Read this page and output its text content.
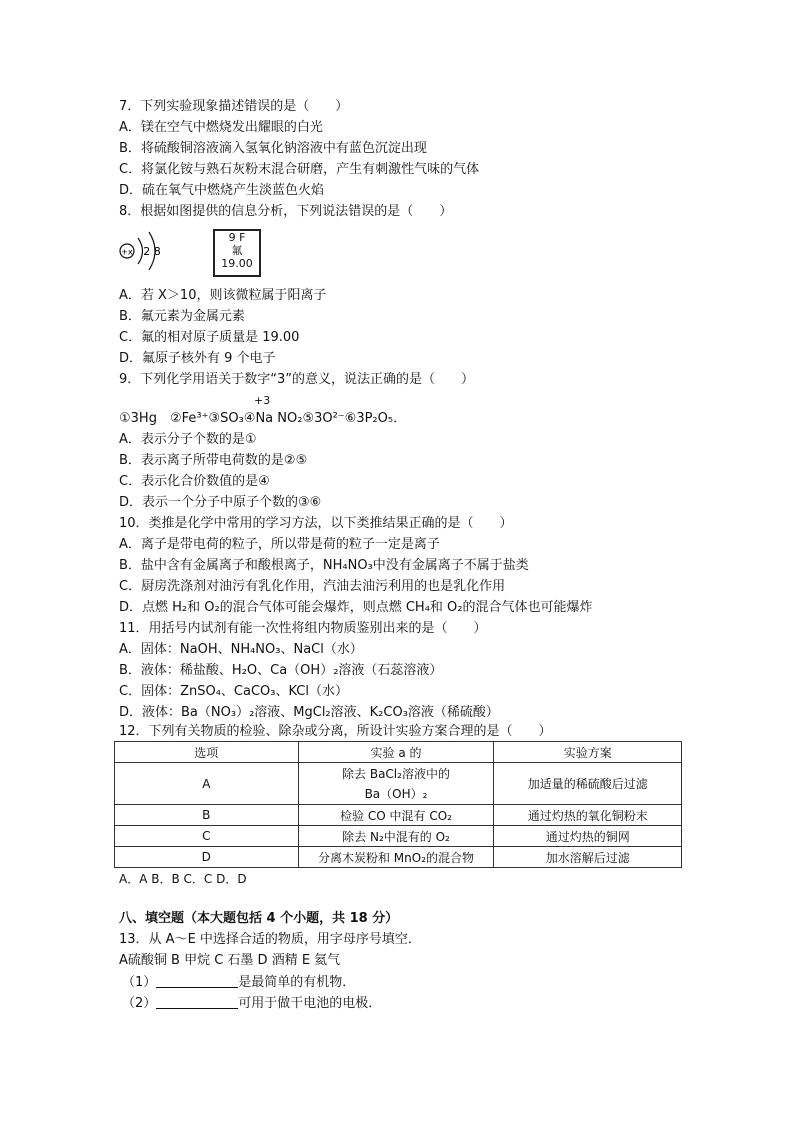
7．下列实验现象描述错误的是（　　）
A．镁在空气中燃烧发出耀眼的白光
B．将硫酸铜溶液滴入氢氧化钠溶液中有蓝色沉淀出现
C．将氯化铵与熟石灰粉末混合研磨，产生有刺激性气味的气体
D．硫在氧气中燃烧产生淡蓝色火焰
8．根据如图提供的信息分析，下列说法错误的是（　　）
+x 2 8
9 F
氟
19.00
A．若 X＞10，则该微粒属于阳离子
B．氟元素为金属元素
C．氟的相对原子质量是 19.00
D．氟原子核外有 9 个电子
9．下列化学用语关于数字“3”的意义，说法正确的是（　　）
+3
①3Hg　②Fe³⁺③SO₃④Na NO₂⑤3O²⁻⑥3P₂O₅．
A．表示分子个数的是①
B．表示离子所带电荷数的是②⑤
C．表示化合价数值的是④
D．表示一个分子中原子个数的③⑥
10．类推是化学中常用的学习方法，以下类推结果正确的是（　　）
A．离子是带电荷的粒子，所以带是荷的粒子一定是离子
B．盐中含有金属离子和酸根离子，NH₄NO₃中没有金属离子不属于盐类
C．厨房洗涤剂对油污有乳化作用，汽油去油污利用的也是乳化作用
D．点燃 H₂和 O₂的混合气体可能会爆炸，则点燃 CH₄和 O₂的混合气体也可能爆炸
11．用括号内试剂有能一次性将组内物质鉴别出来的是（　　）
A．固体：NaOH、NH₄NO₃、NaCl（水）
B．液体：稀盐酸、H₂O、Ca（OH）₂溶液（石蕊溶液）
C．固体：ZnSO₄、CaCO₃、KCl（水）
D．液体：Ba（NO₃）₂溶液、MgCl₂溶液、K₂CO₃溶液（稀硫酸）
12．下列有关物质的检验、除杂或分离，所设计实验方案合理的是（　　）
选项	实验 a 的	实验方案
A	除去 BaCl₂溶液中的 Ba（OH）₂	加适量的稀硫酸后过滤
B	检验 CO 中混有 CO₂	通过灼热的氧化铜粉末
C	除去 N₂中混有的 O₂	通过灼热的铜网
D	分离木炭粉和 MnO₂的混合物	加水溶解后过滤
A．A B．B C．C D．D
八、填空题（本大题包括 4 个小题，共 18 分）
13．从 A～E 中选择合适的物质，用字母序号填空．
A硫酸铜 B 甲烷 C 石墨 D 酒精 E 氦气
（1）	是最简单的有机物．
（2）	可用于做干电池的电极．
